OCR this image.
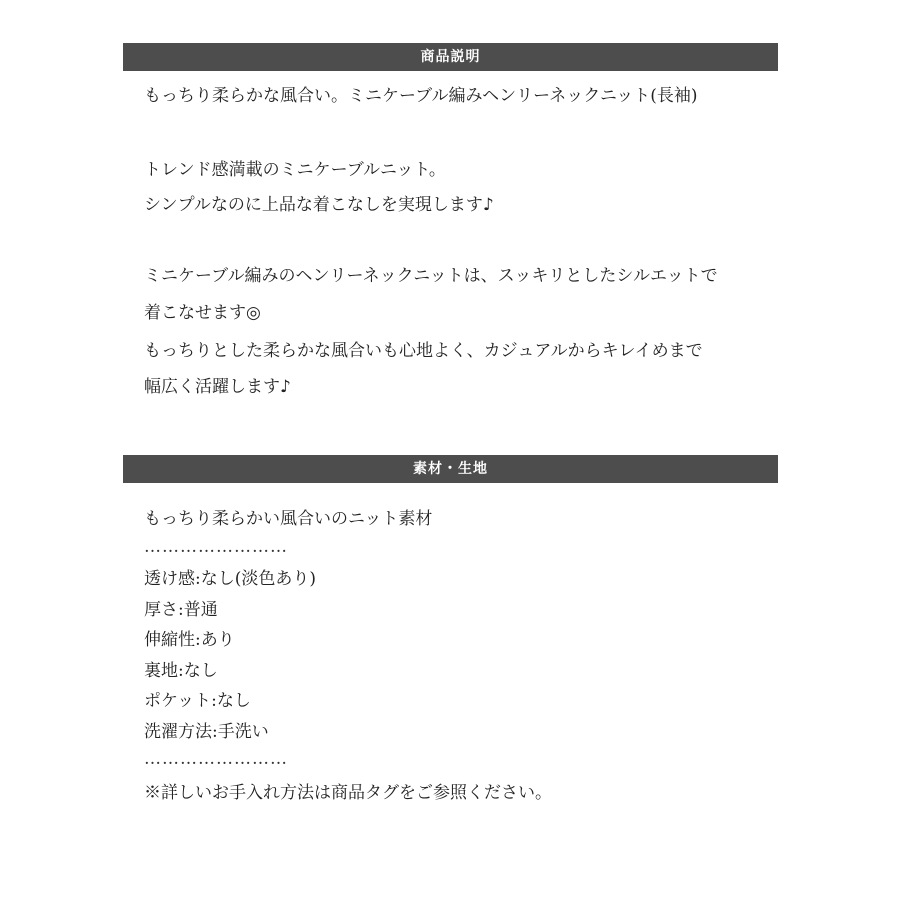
商品説明
もっちり柔らかな風合い。ミニケーブル編みヘンリーネックニット(長袖)
トレンド感満載のミニケーブルニット。
シンプルなのに上品な着こなしを実現します♪
ミニケーブル編みのヘンリーネックニットは、スッキリとしたシルエットで
着こなせます◎
もっちりとした柔らかな風合いも心地よく、カジュアルからキレイめまで
幅広く活躍します♪
素材・生地
もっちり柔らかい風合いのニット素材
……………………
透け感:なし(淡色あり)
厚さ:普通
伸縮性:あり
裏地:なし
ポケット:なし
洗濯方法:手洗い
……………………
※詳しいお手入れ方法は商品タグをご参照ください。
